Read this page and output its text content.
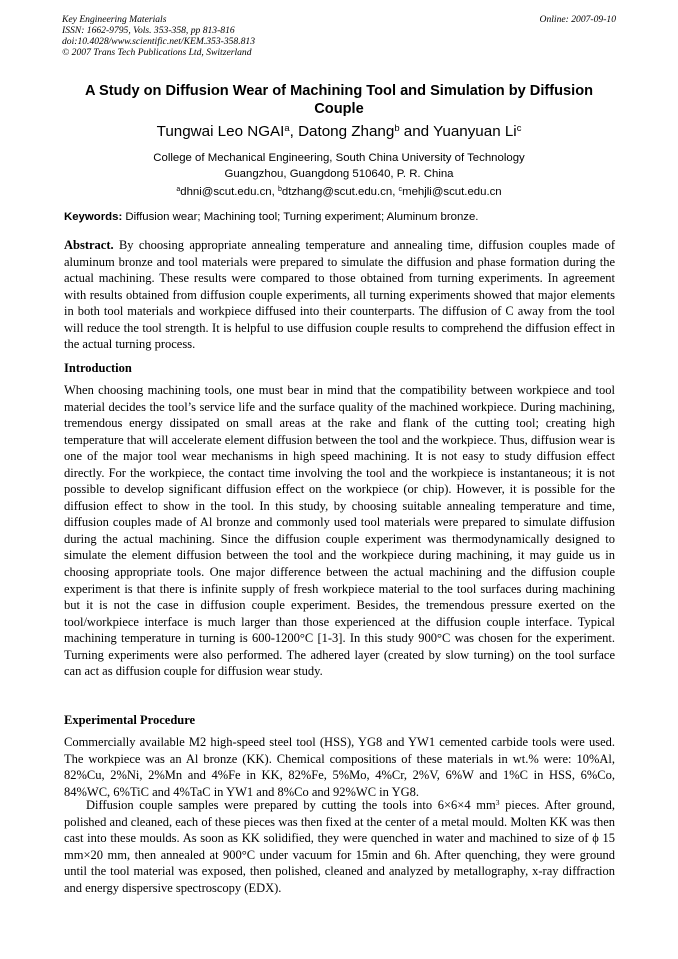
Key Engineering Materials
ISSN: 1662-9795, Vols. 353-358, pp 813-816
doi:10.4028/www.scientific.net/KEM.353-358.813
© 2007 Trans Tech Publications Ltd, Switzerland
Online: 2007-09-10
A Study on Diffusion Wear of Machining Tool and Simulation by Diffusion Couple
Tungwai Leo NGAI$^a$, Datong Zhang$^b$ and Yuanyuan Li$^c$
College of Mechanical Engineering, South China University of Technology
Guangzhou, Guangdong 510640, P. R. China
$^a$dhni@scut.edu.cn, $^b$dtzhang@scut.edu.cn, $^c$mehjli@scut.edu.cn
Keywords: Diffusion wear; Machining tool; Turning experiment; Aluminum bronze.
Abstract. By choosing appropriate annealing temperature and annealing time, diffusion couples made of aluminum bronze and tool materials were prepared to simulate the diffusion and phase formation during the actual machining. These results were compared to those obtained from turning experiments. In agreement with results obtained from diffusion couple experiments, all turning experiments showed that major elements in both tool materials and workpiece diffused into their counterparts. The diffusion of C away from the tool will reduce the tool strength. It is helpful to use diffusion couple results to comprehend the diffusion effect in the actual turning process.
Introduction
When choosing machining tools, one must bear in mind that the compatibility between workpiece and tool material decides the tool’s service life and the surface quality of the machined workpiece. During machining, tremendous energy dissipated on small areas at the rake and flank of the cutting tool; creating high temperature that will accelerate element diffusion between the tool and the workpiece. Thus, diffusion wear is one of the major tool wear mechanisms in high speed machining. It is not easy to study diffusion effect directly. For the workpiece, the contact time involving the tool and the workpiece is instantaneous; it is not possible to develop significant diffusion effect on the workpiece (or chip). However, it is possible for the diffusion effect to show in the tool. In this study, by choosing suitable annealing temperature and time, diffusion couples made of Al bronze and commonly used tool materials were prepared to simulate diffusion during the actual machining. Since the diffusion couple experiment was thermodynamically designed to simulate the element diffusion between the tool and the workpiece during machining, it may guide us in choosing appropriate tools. One major difference between the actual machining and the diffusion couple experiment is that there is infinite supply of fresh workpiece material to the tool surfaces during machining but it is not the case in diffusion couple experiment. Besides, the tremendous pressure exerted on the tool/workpiece interface is much larger than those experienced at the diffusion couple interface. Typical machining temperature in turning is 600-1200°C [1-3]. In this study 900°C was chosen for the experiment. Turning experiments were also performed. The adhered layer (created by slow turning) on the tool surface can act as diffusion couple for diffusion wear study.
Experimental Procedure
Commercially available M2 high-speed steel tool (HSS), YG8 and YW1 cemented carbide tools were used. The workpiece was an Al bronze (KK). Chemical compositions of these materials in wt.% were: 10%Al, 82%Cu, 2%Ni, 2%Mn and 4%Fe in KK, 82%Fe, 5%Mo, 4%Cr, 2%V, 6%W and 1%C in HSS, 6%Co, 84%WC, 6%TiC and 4%TaC in YW1 and 8%Co and 92%WC in YG8.
Diffusion couple samples were prepared by cutting the tools into 6×6×4 $mm^3$ pieces. After ground, polished and cleaned, each of these pieces was then fixed at the center of a metal mould. Molten KK was then cast into these moulds. As soon as KK solidified, they were quenched in water and machined to size of ϕ 15 mm×20 mm, then annealed at 900°C under vacuum for 15min and 6h. After quenching, they were ground until the tool material was exposed, then polished, cleaned and analyzed by metallography, x-ray diffraction and energy dispersive spectroscopy (EDX).
